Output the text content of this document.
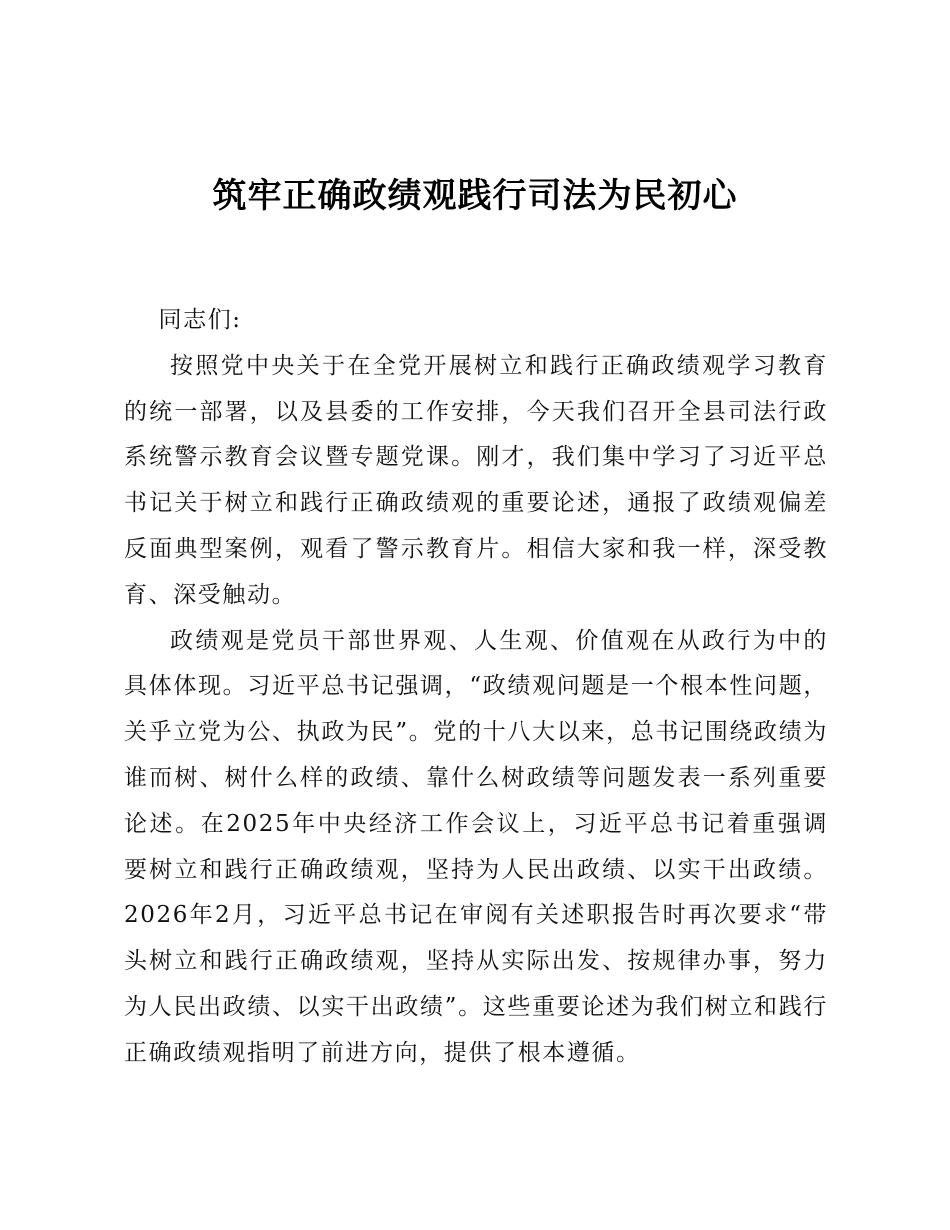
筑牢正确政绩观践行司法为民初心

同志们:

按照党中央关于在全党开展树立和践行正确政绩观学习教育的统一部署，以及县委的工作安排，今天我们召开全县司法行政系统警示教育会议暨专题党课。刚才，我们集中学习了习近平总书记关于树立和践行正确政绩观的重要论述，通报了政绩观偏差反面典型案例，观看了警示教育片。相信大家和我一样，深受教育、深受触动。

政绩观是党员干部世界观、人生观、价值观在从政行为中的具体体现。习近平总书记强调，“政绩观问题是一个根本性问题，关乎立党为公、执政为民”。党的十八大以来，总书记围绕政绩为谁而树、树什么样的政绩、靠什么树政绩等问题发表一系列重要论述。在2025年中央经济工作会议上，习近平总书记着重强调要树立和践行正确政绩观，坚持为人民出政绩、以实干出政绩。2026年2月，习近平总书记在审阅有关述职报告时再次要求“带头树立和践行正确政绩观，坚持从实际出发、按规律办事，努力为人民出政绩、以实干出政绩”。这些重要论述为我们树立和践行正确政绩观指明了前进方向，提供了根本遵循。
